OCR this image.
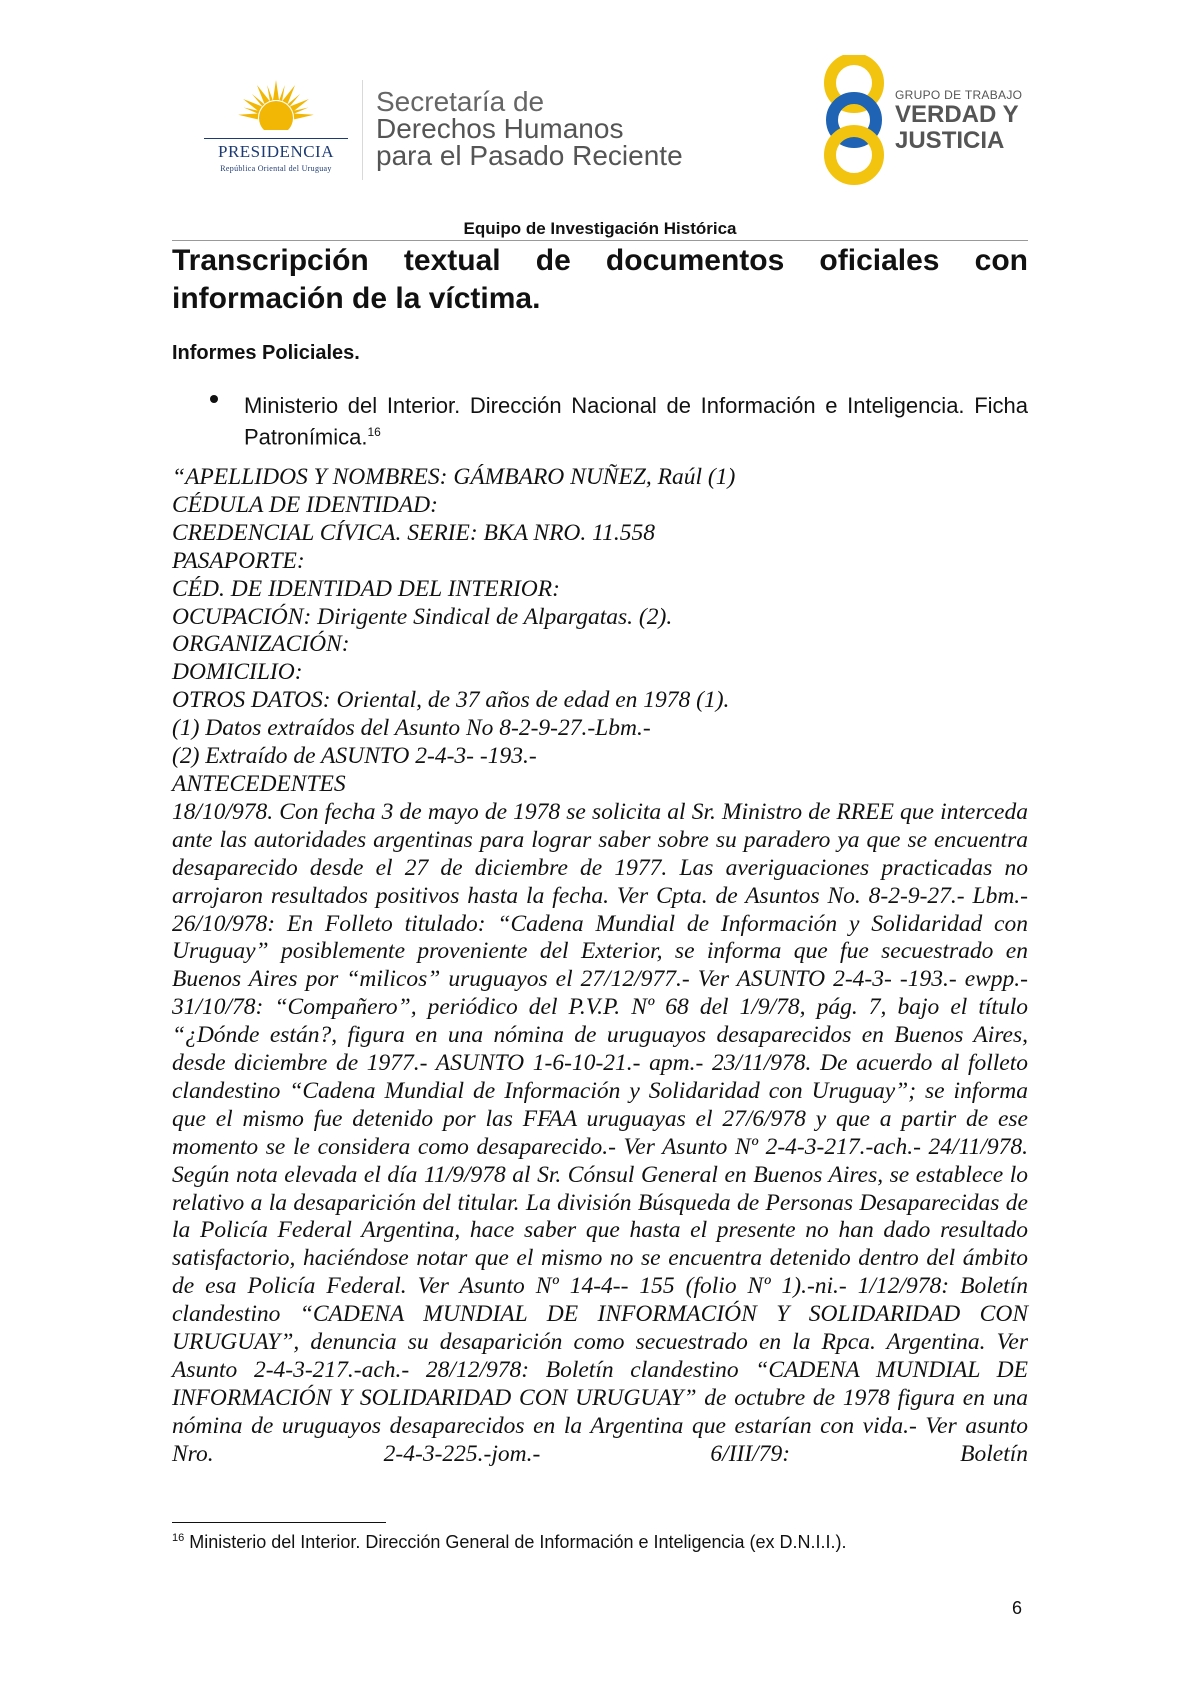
PRESIDENCIA
República Oriental del Uruguay
Secretaría de
Derechos Humanos
para el Pasado Reciente
GRUPO DE TRABAJO
VERDAD Y
JUSTICIA
Equipo de Investigación Histórica
Transcripción textual de documentos oficiales con información de la víctima.
Informes Policiales.
Ministerio del Interior. Dirección Nacional de Información e Inteligencia. Ficha Patronímica.$^{16}$
“APELLIDOS Y NOMBRES: GÁMBARO NUÑEZ, Raúl (1)
CÉDULA DE IDENTIDAD:
CREDENCIAL CÍVICA. SERIE: BKA NRO. 11.558
PASAPORTE:
CÉD. DE IDENTIDAD DEL INTERIOR:
OCUPACIÓN: Dirigente Sindical de Alpargatas. (2).
ORGANIZACIÓN:
DOMICILIO:
OTROS DATOS: Oriental, de 37 años de edad en 1978 (1).
(1) Datos extraídos del Asunto No 8-2-9-27.-Lbm.-
(2) Extraído de ASUNTO 2-4-3- -193.-
ANTECEDENTES
18/10/978. Con fecha 3 de mayo de 1978 se solicita al Sr. Ministro de RREE que interceda ante las autoridades argentinas para lograr saber sobre su paradero ya que se encuentra desaparecido desde el 27 de diciembre de 1977. Las averiguaciones practicadas no arrojaron resultados positivos hasta la fecha. Ver Cpta. de Asuntos No. 8-2-9-27.- Lbm.- 26/10/978: En Folleto titulado: “Cadena Mundial de Información y Solidaridad con Uruguay” posiblemente proveniente del Exterior, se informa que fue secuestrado en Buenos Aires por “milicos” uruguayos el 27/12/977.- Ver ASUNTO 2-4-3- -193.- ewpp.- 31/10/78: “Compañero”, periódico del P.V.P. Nº 68 del 1/9/78, pág. 7, bajo el título “¿Dónde están?, figura en una nómina de uruguayos desaparecidos en Buenos Aires, desde diciembre de 1977.- ASUNTO 1-6-10-21.- apm.- 23/11/978. De acuerdo al folleto clandestino “Cadena Mundial de Información y Solidaridad con Uruguay”; se informa que el mismo fue detenido por las FFAA uruguayas el 27/6/978 y que a partir de ese momento se le considera como desaparecido.- Ver Asunto Nº 2-4-3-217.-ach.- 24/11/978. Según nota elevada el día 11/9/978 al Sr. Cónsul General en Buenos Aires, se establece lo relativo a la desaparición del titular. La división Búsqueda de Personas Desaparecidas de la Policía Federal Argentina, hace saber que hasta el presente no han dado resultado satisfactorio, haciéndose notar que el mismo no se encuentra detenido dentro del ámbito de esa Policía Federal. Ver Asunto Nº 14-4-- 155 (folio Nº 1).-ni.- 1/12/978: Boletín clandestino “CADENA MUNDIAL DE INFORMACIÓN Y SOLIDARIDAD CON URUGUAY”, denuncia su desaparición como secuestrado en la Rpca. Argentina. Ver Asunto 2-4-3-217.-ach.- 28/12/978: Boletín clandestino “CADENA MUNDIAL DE INFORMACIÓN Y SOLIDARIDAD CON URUGUAY” de octubre de 1978 figura en una nómina de uruguayos desaparecidos en la Argentina que estarían con vida.- Ver asunto Nro. 2-4-3-225.-jom.- 6/III/79: Boletín
$^{16}$ Ministerio del Interior. Dirección General de Información e Inteligencia (ex D.N.I.I.).
6
